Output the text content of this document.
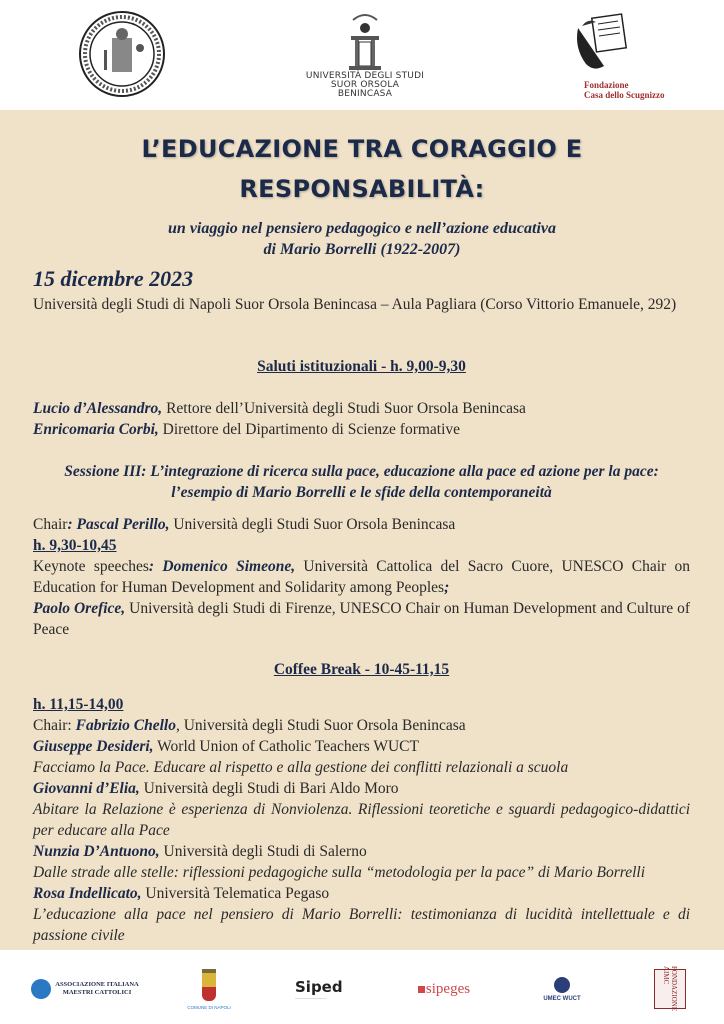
UNIVERSITÀ DEGLI STUDI
SUOR ORSOLA
BENINCASA
Fondazione
Casa dello Scugnizzo
L’EDUCAZIONE TRA CORAGGIO E
RESPONSABILITÀ:
un viaggio nel pensiero pedagogico e nell’azione educativa
di Mario Borrelli (1922-2007)
15 dicembre 2023
Università degli Studi di Napoli Suor Orsola Benincasa – Aula Pagliara (Corso Vittorio Emanuele, 292)
Saluti istituzionali - h. 9,00-9,30
Lucio d’Alessandro, Rettore dell’Università degli Studi Suor Orsola Benincasa
Enricomaria Corbi, Direttore del Dipartimento di Scienze formative
Sessione III: L’integrazione di ricerca sulla pace, educazione alla pace ed azione per la pace:
l’esempio di Mario Borrelli e le sfide della contemporaneità
Chair: Pascal Perillo, Università degli Studi Suor Orsola Benincasa
h. 9,30-10,45
Keynote speeches: Domenico Simeone, Università Cattolica del Sacro Cuore, UNESCO Chair on Education for Human Development and Solidarity among Peoples;
Paolo Orefice, Università degli Studi di Firenze, UNESCO Chair on Human Development and Culture of Peace
Coffee Break - 10-45-11,15
h. 11,15-14,00
Chair: Fabrizio Chello, Università degli Studi Suor Orsola Benincasa
Giuseppe Desideri, World Union of Catholic Teachers WUCT
Facciamo la Pace. Educare al rispetto e alla gestione dei conflitti relazionali a scuola
Giovanni d’Elia, Università degli Studi di Bari Aldo Moro
Abitare la Relazione è esperienza di Nonviolenza. Riflessioni teoretiche e sguardi pedagogico-didattici per educare alla Pace
Nunzia D’Antuono, Università degli Studi di Salerno
Dalle strade alle stelle: riflessioni pedagogiche sulla “metodologia per la pace” di Mario Borrelli
Rosa Indellicato, Università Telematica Pegaso
L’educazione alla pace nel pensiero di Mario Borrelli: testimonianza di lucidità intellettuale e di passione civile
ASSOCIAZIONE ITALIANA
MAESTRI CATTOLICI
COMUNE DI NAPOLI
Siped
—————————
sipeges
UMEC WUCT	FONDAZIONE AIMC
